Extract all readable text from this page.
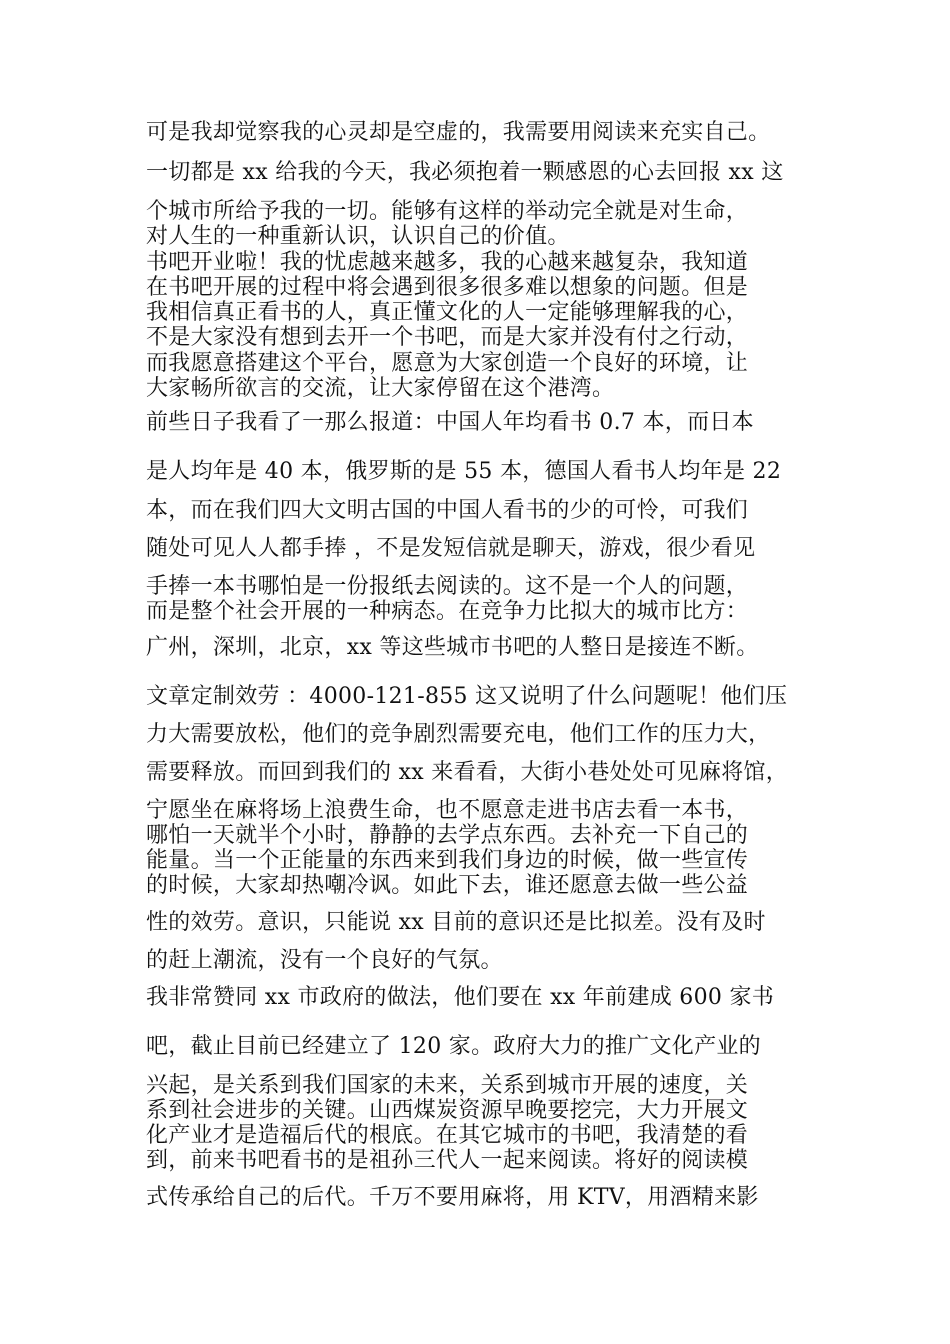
可是我却觉察我的心灵却是空虚的，我需要用阅读来充实自己。

一切都是 xx 给我的今天，我必须抱着一颗感恩的心去回报 xx 这

个城市所给予我的一切。能够有这样的举动完全就是对生命，

对人生的一种重新认识，认识自己的价值。

书吧开业啦！我的忧虑越来越多，我的心越来越复杂，我知道

在书吧开展的过程中将会遇到很多很多难以想象的问题。但是

我相信真正看书的人，真正懂文化的人一定能够理解我的心，

不是大家没有想到去开一个书吧，而是大家并没有付之行动，

而我愿意搭建这个平台，愿意为大家创造一个良好的环境，让

大家畅所欲言的交流，让大家停留在这个港湾。

前些日子我看了一那么报道：中国人年均看书 0.7 本，而日本

是人均年是 40 本，俄罗斯的是 55 本，德国人看书人均年是 22

本，而在我们四大文明古国的中国人看书的少的可怜，可我们

随处可见人人都手捧 ，不是发短信就是聊天，游戏，很少看见

手捧一本书哪怕是一份报纸去阅读的。这不是一个人的问题，

而是整个社会开展的一种病态。在竞争力比拟大的城市比方：

广州，深圳，北京，xx 等这些城市书吧的人整日是接连不断。

文章定制效劳 ：4000-121-855 这又说明了什么问题呢！他们压

力大需要放松，他们的竞争剧烈需要充电，他们工作的压力大，

需要释放。而回到我们的 xx 来看看，大街小巷处处可见麻将馆，

宁愿坐在麻将场上浪费生命，也不愿意走进书店去看一本书，

哪怕一天就半个小时，静静的去学点东西。去补充一下自己的

能量。当一个正能量的东西来到我们身边的时候，做一些宣传

的时候，大家却热嘲冷讽。如此下去，谁还愿意去做一些公益

性的效劳。意识，只能说 xx 目前的意识还是比拟差。没有及时

的赶上潮流，没有一个良好的气氛。

我非常赞同 xx 市政府的做法，他们要在 xx 年前建成 600 家书

吧，截止目前已经建立了 120 家。政府大力的推广文化产业的

兴起，是关系到我们国家的未来，关系到城市开展的速度，关

系到社会进步的关键。山西煤炭资源早晚要挖完，大力开展文

化产业才是造福后代的根底。在其它城市的书吧，我清楚的看

到，前来书吧看书的是祖孙三代人一起来阅读。将好的阅读模

式传承给自己的后代。千万不要用麻将，用 KTV，用酒精来影
